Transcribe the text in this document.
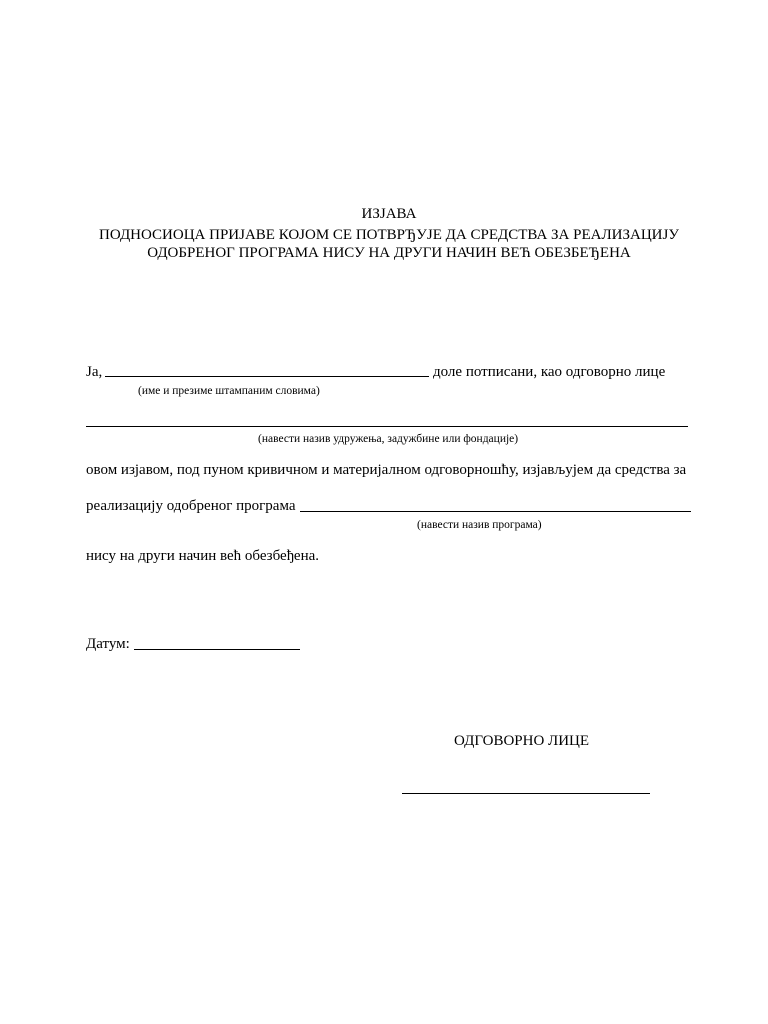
ИЗЈАВА
ПОДНОСИОЦА ПРИЈАВЕ КОЈОМ СЕ ПОТВРЂУЈЕ ДА СРЕДСТВА ЗА РЕАЛИЗАЦИЈУ
ОДОБРЕНОГ ПРОГРАМА НИСУ НА ДРУГИ НАЧИН ВЕЋ ОБЕЗБЕЂЕНА
Ја,	доле потписани, као одговорно лице
(име и презиме штампаним словима)
(навести назив удружења, задужбине или фондације)
овом изјавом, под пуном кривичном и материјалном одговорношћу, изјављујем да средства за
реализацију одобреног програма
(навести назив програма)
нису на други начин већ обезбеђена.
Датум:
ОДГОВОРНО ЛИЦЕ
